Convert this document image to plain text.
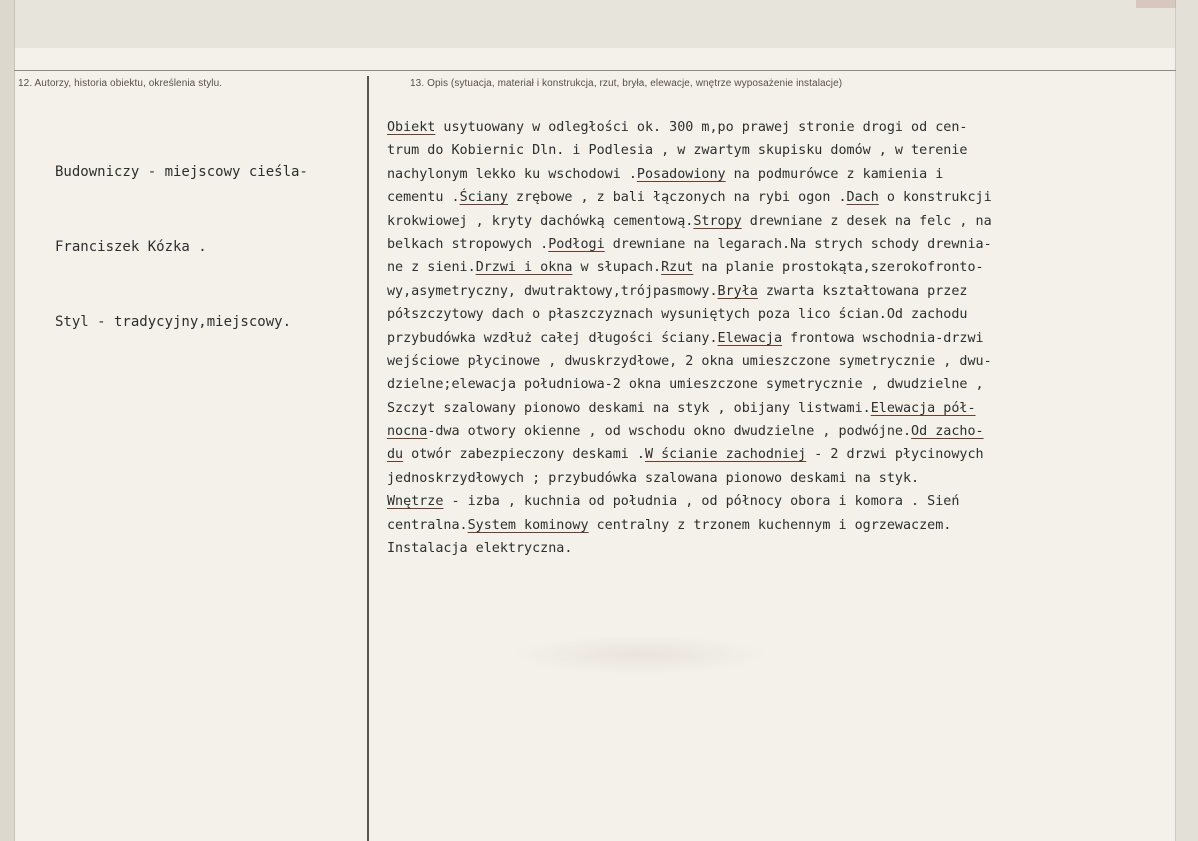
12. Autorzy, historia obiektu, określenia stylu.	13. Opis (sytuacja, materiał i konstrukcja, rzut, bryła, elewacje, wnętrze wyposażenie instalacje)

Budowniczy - miejscowy cieśla-

Franciszek Kózka .

Styl - tradycyjny,miejscowy.

Obiekt usytuowany w odległości ok. 300 m,po prawej stronie drogi od cen-
trum do Kobiernic Dln. i Podlesia , w zwartym skupisku domów , w terenie
nachylonym lekko ku wschodowi .Posadowiony na podmurówce z kamienia i
cementu .Ściany zrębowe , z bali łączonych na rybi ogon .Dach o konstrukcji
krokwiowej , kryty dachówką cementową.Stropy drewniane z desek na felc , na
belkach stropowych .Podłogi drewniane na legarach.Na strych schody drewnia-
ne z sieni.Drzwi i okna w słupach.Rzut na planie prostokąta,szerokofronto-
wy,asymetryczny, dwutraktowy,trójpasmowy.Bryła zwarta kształtowana przez
półszczytowy dach o płaszczyznach wysuniętych poza lico ścian.Od zachodu
przybudówka wzdłuż całej długości ściany.Elewacja frontowa wschodnia-drzwi
wejściowe płycinowe , dwuskrzydłowe, 2 okna umieszczone symetrycznie , dwu-
dzielne;elewacja południowa-2 okna umieszczone symetrycznie , dwudzielne ,
Szczyt szalowany pionowo deskami na styk , obijany listwami.Elewacja pół-
nocna-dwa otwory okienne , od wschodu okno dwudzielne , podwójne.Od zacho-
du otwór zabezpieczony deskami .W ścianie zachodniej - 2 drzwi płycinowych
jednoskrzydłowych ; przybudówka szalowana pionowo deskami na styk.
Wnętrze - izba , kuchnia od południa , od północy obora i komora . Sień
centralna.System kominowy centralny z trzonem kuchennym i ogrzewaczem.
Instalacja elektryczna.
